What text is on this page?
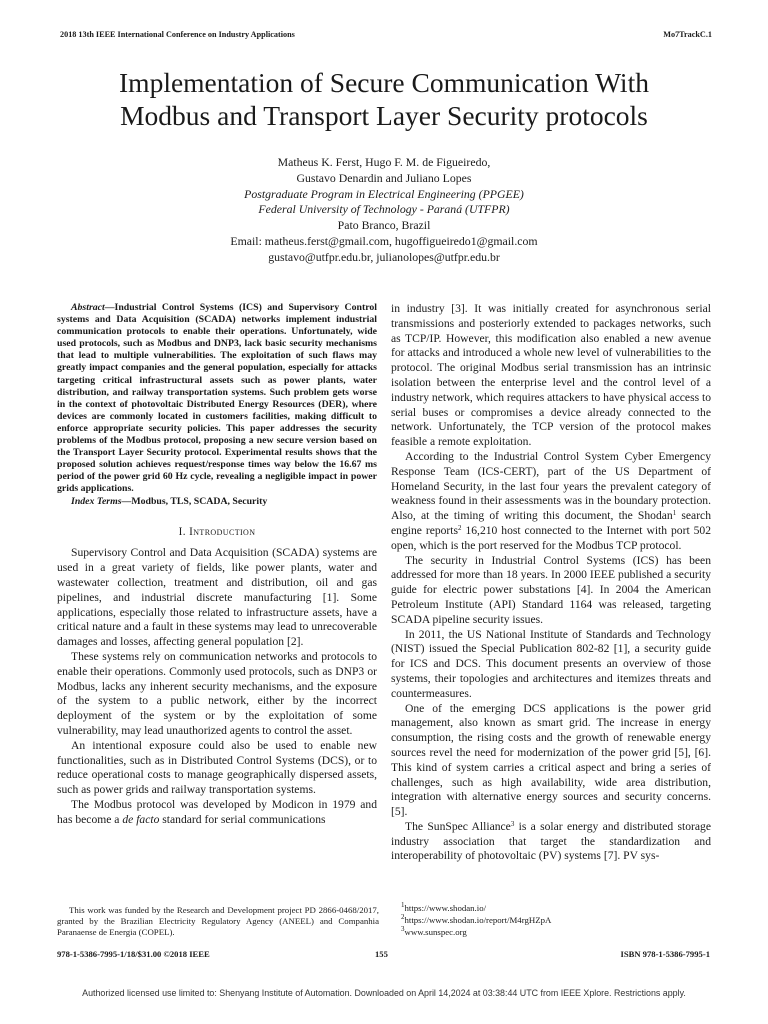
2018 13th IEEE International Conference on Industry Applications	Mo7TrackC.1
Implementation of Secure Communication With
Modbus and Transport Layer Security protocols
Matheus K. Ferst, Hugo F. M. de Figueiredo,
Gustavo Denardin and Juliano Lopes
Postgraduate Program in Electrical Engineering (PPGEE)
Federal University of Technology - Paraná (UTFPR)
Pato Branco, Brazil
Email: matheus.ferst@gmail.com, hugoffigueiredo1@gmail.com
gustavo@utfpr.edu.br, julianolopes@utfpr.edu.br

Abstract—Industrial Control Systems (ICS) and Supervisory Control systems and Data Acquisition (SCADA) networks implement industrial communication protocols to enable their operations. Unfortunately, wide used protocols, such as Modbus and DNP3, lack basic security mechanisms that lead to multiple vulnerabilities. The exploitation of such flaws may greatly impact companies and the general population, especially for attacks targeting critical infrastructural assets such as power plants, water distribution, and railway transportation systems. Such problem gets worse in the context of photovoltaic Distributed Energy Resources (DER), where devices are commonly located in customers facilities, making difficult to enforce appropriate security policies. This paper addresses the security problems of the Modbus protocol, proposing a new secure version based on the Transport Layer Security protocol. Experimental results shows that the proposed solution achieves request/response times way below the 16.67 ms period of the power grid 60 Hz cycle, revealing a negligible impact in power grids applications.

Index Terms—Modbus, TLS, SCADA, Security

I. Introduction

Supervisory Control and Data Acquisition (SCADA) systems are used in a great variety of fields, like power plants, water and wastewater collection, treatment and distribution, oil and gas pipelines, and industrial discrete manufacturing [1]. Some applications, especially those related to infrastructure assets, have a critical nature and a fault in these systems may lead to unrecoverable damages and losses, affecting general population [2].

These systems rely on communication networks and protocols to enable their operations. Commonly used protocols, such as DNP3 or Modbus, lacks any inherent security mechanisms, and the exposure of the system to a public network, either by the incorrect deployment of the system or by the exploitation of some vulnerability, may lead unauthorized agents to control the asset.

An intentional exposure could also be used to enable new functionalities, such as in Distributed Control Systems (DCS), or to reduce operational costs to manage geographically dispersed assets, such as power grids and railway transportation systems.

The Modbus protocol was developed by Modicon in 1979 and has become a de facto standard for serial communications

in industry [3]. It was initially created for asynchronous serial transmissions and posteriorly extended to packages networks, such as TCP/IP. However, this modification also enabled a new avenue for attacks and introduced a whole new level of vulnerabilities to the protocol. The original Modbus serial transmission has an intrinsic isolation between the enterprise level and the control level of a industry network, which requires attackers to have physical access to serial buses or compromises a device already connected to the network. Unfortunately, the TCP version of the protocol makes feasible a remote exploitation.

According to the Industrial Control System Cyber Emergency Response Team (ICS-CERT), part of the US Department of Homeland Security, in the last four years the prevalent category of weakness found in their assessments was in the boundary protection. Also, at the timing of writing this document, the Shodan$^1$ search engine reports$^2$ 16,210 host connected to the Internet with port 502 open, which is the port reserved for the Modbus TCP protocol.

The security in Industrial Control Systems (ICS) has been addressed for more than 18 years. In 2000 IEEE published a security guide for electric power substations [4]. In 2004 the American Petroleum Institute (API) Standard 1164 was released, targeting SCADA pipeline security issues.

In 2011, the US National Institute of Standards and Technology (NIST) issued the Special Publication 802-82 [1], a security guide for ICS and DCS. This document presents an overview of those systems, their topologies and architectures and itemizes threats and countermeasures.

One of the emerging DCS applications is the power grid management, also known as smart grid. The increase in energy consumption, the rising costs and the growth of renewable energy sources revel the need for modernization of the power grid [5], [6]. This kind of system carries a critical aspect and bring a series of challenges, such as high availability, wide area distribution, integration with alternative energy sources and security concerns. [5].

The SunSpec Alliance$^3$ is a solar energy and distributed storage industry association that target the standardization and interoperability of photovoltaic (PV) systems [7]. PV sys-

This work was funded by the Research and Development project PD 2866-0468/2017, granted by the Brazilian Electricity Regulatory Agency (ANEEL) and Companhia Paranaense de Energia (COPEL).

$^1$https://www.shodan.io/
$^2$https://www.shodan.io/report/M4rgHZpA
$^3$www.sunspec.org
978-1-5386-7995-1/18/$31.00 ©2018 IEEE	155	ISBN 978-1-5386-7995-1
Authorized licensed use limited to: Shenyang Institute of Automation. Downloaded on April 14,2024 at 03:38:44 UTC from IEEE Xplore. Restrictions apply.
